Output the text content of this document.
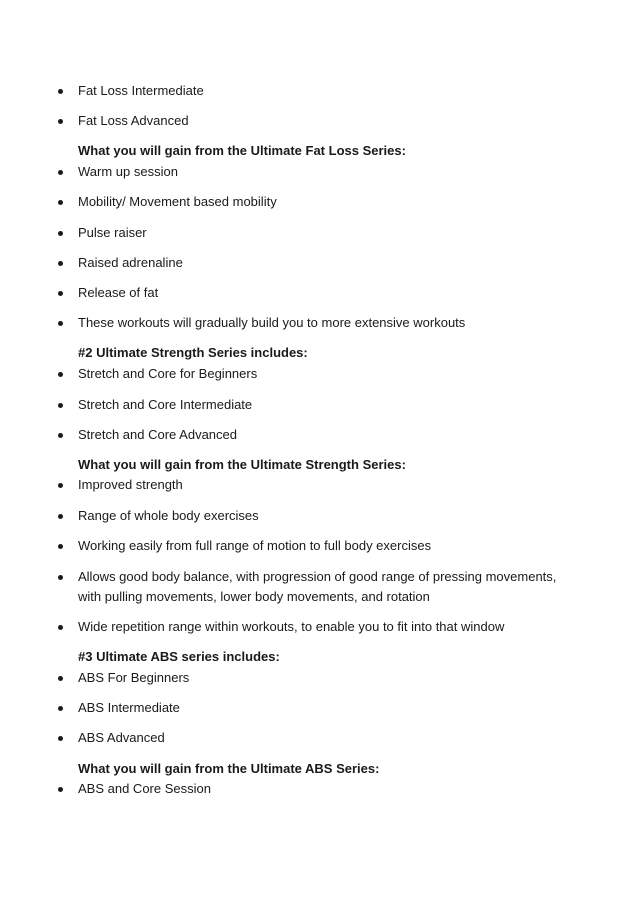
Fat Loss Intermediate
Fat Loss Advanced
What you will gain from the Ultimate Fat Loss Series:
Warm up session
Mobility/ Movement based mobility
Pulse raiser
Raised adrenaline
Release of fat
These workouts will gradually build you to more extensive workouts
#2 Ultimate Strength Series includes:
Stretch and Core for Beginners
Stretch and Core Intermediate
Stretch and Core Advanced
What you will gain from the Ultimate Strength Series:
Improved strength
Range of whole body exercises
Working easily from full range of motion to full body exercises
Allows good body balance, with progression of good range of pressing movements,
with pulling movements, lower body movements, and rotation
Wide repetition range within workouts, to enable you to fit into that window
#3 Ultimate ABS series includes:
ABS For Beginners
ABS Intermediate
ABS Advanced
What you will gain from the Ultimate ABS Series:
ABS and Core Session
